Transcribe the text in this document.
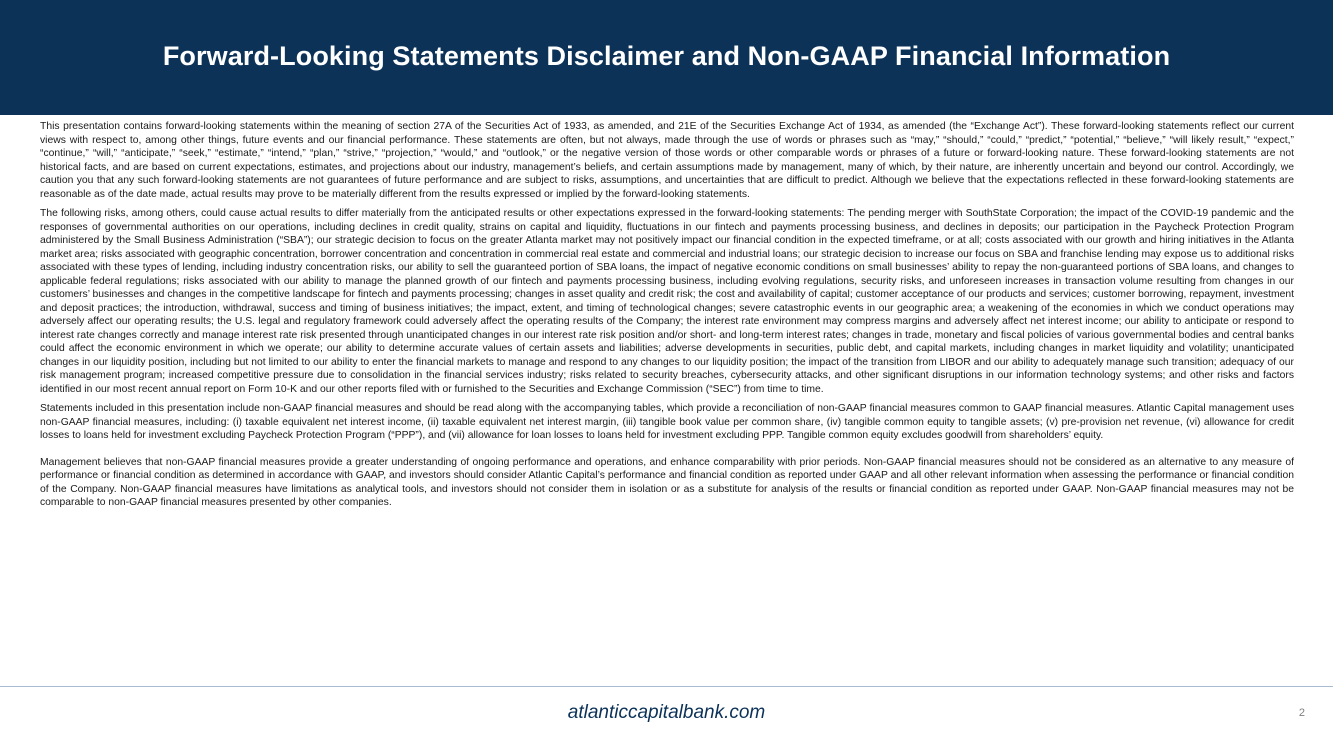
Forward-Looking Statements Disclaimer and Non-GAAP Financial Information

This presentation contains forward-looking statements within the meaning of section 27A of the Securities Act of 1933, as amended, and 21E of the Securities Exchange Act of 1934, as amended (the “Exchange Act”). These forward-looking statements reflect our current views with respect to, among other things, future events and our financial performance. These statements are often, but not always, made through the use of words or phrases such as “may,” “should,” “could,” “predict,” “potential,” “believe,” “will likely result,” “expect,” “continue,” “will,” “anticipate,” “seek,” “estimate,” “intend,” “plan,” “strive,” “projection,” “would,” and “outlook,” or the negative version of those words or other comparable words or phrases of a future or forward-looking nature. These forward-looking statements are not historical facts, and are based on current expectations, estimates, and projections about our industry, management’s beliefs, and certain assumptions made by management, many of which, by their nature, are inherently uncertain and beyond our control. Accordingly, we caution you that any such forward-looking statements are not guarantees of future performance and are subject to risks, assumptions, and uncertainties that are difficult to predict. Although we believe that the expectations reflected in these forward-looking statements are reasonable as of the date made, actual results may prove to be materially different from the results expressed or implied by the forward-looking statements.

The following risks, among others, could cause actual results to differ materially from the anticipated results or other expectations expressed in the forward-looking statements: The pending merger with SouthState Corporation; the impact of the COVID-19 pandemic and the responses of governmental authorities on our operations, including declines in credit quality, strains on capital and liquidity, fluctuations in our fintech and payments processing business, and declines in deposits; our participation in the Paycheck Protection Program administered by the Small Business Administration (“SBA”); our strategic decision to focus on the greater Atlanta market may not positively impact our financial condition in the expected timeframe, or at all; costs associated with our growth and hiring initiatives in the Atlanta market area; risks associated with geographic concentration, borrower concentration and concentration in commercial real estate and commercial and industrial loans; our strategic decision to increase our focus on SBA and franchise lending may expose us to additional risks associated with these types of lending, including industry concentration risks, our ability to sell the guaranteed portion of SBA loans, the impact of negative economic conditions on small businesses’ ability to repay the non-guaranteed portions of SBA loans, and changes to applicable federal regulations; risks associated with our ability to manage the planned growth of our fintech and payments processing business, including evolving regulations, security risks, and unforeseen increases in transaction volume resulting from changes in our customers’ businesses and changes in the competitive landscape for fintech and payments processing; changes in asset quality and credit risk; the cost and availability of capital; customer acceptance of our products and services; customer borrowing, repayment, investment and deposit practices; the introduction, withdrawal, success and timing of business initiatives; the impact, extent, and timing of technological changes; severe catastrophic events in our geographic area; a weakening of the economies in which we conduct operations may adversely affect our operating results; the U.S. legal and regulatory framework could adversely affect the operating results of the Company; the interest rate environment may compress margins and adversely affect net interest income; our ability to anticipate or respond to interest rate changes correctly and manage interest rate risk presented through unanticipated changes in our interest rate risk position and/or short- and long-term interest rates; changes in trade, monetary and fiscal policies of various governmental bodies and central banks could affect the economic environment in which we operate; our ability to determine accurate values of certain assets and liabilities; adverse developments in securities, public debt, and capital markets, including changes in market liquidity and volatility; unanticipated changes in our liquidity position, including but not limited to our ability to enter the financial markets to manage and respond to any changes to our liquidity position; the impact of the transition from LIBOR and our ability to adequately manage such transition; adequacy of our risk management program; increased competitive pressure due to consolidation in the financial services industry; risks related to security breaches, cybersecurity attacks, and other significant disruptions in our information technology systems; and other risks and factors identified in our most recent annual report on Form 10-K and our other reports filed with or furnished to the Securities and Exchange Commission (“SEC”) from time to time.

Statements included in this presentation include non-GAAP financial measures and should be read along with the accompanying tables, which provide a reconciliation of non-GAAP financial measures common to GAAP financial measures. Atlantic Capital management uses non-GAAP financial measures, including: (i) taxable equivalent net interest income, (ii) taxable equivalent net interest margin, (iii) tangible book value per common share, (iv) tangible common equity to tangible assets; (v) pre-provision net revenue, (vi) allowance for credit losses to loans held for investment excluding Paycheck Protection Program (“PPP”), and (vii) allowance for loan losses to loans held for investment excluding PPP. Tangible common equity excludes goodwill from shareholders’ equity.

Management believes that non-GAAP financial measures provide a greater understanding of ongoing performance and operations, and enhance comparability with prior periods. Non-GAAP financial measures should not be considered as an alternative to any measure of performance or financial condition as determined in accordance with GAAP, and investors should consider Atlantic Capital’s performance and financial condition as reported under GAAP and all other relevant information when assessing the performance or financial condition of the Company. Non-GAAP financial measures have limitations as analytical tools, and investors should not consider them in isolation or as a substitute for analysis of the results or financial condition as reported under GAAP. Non-GAAP financial measures may not be comparable to non-GAAP financial measures presented by other companies.

atlanticcapitalbank.com	2
